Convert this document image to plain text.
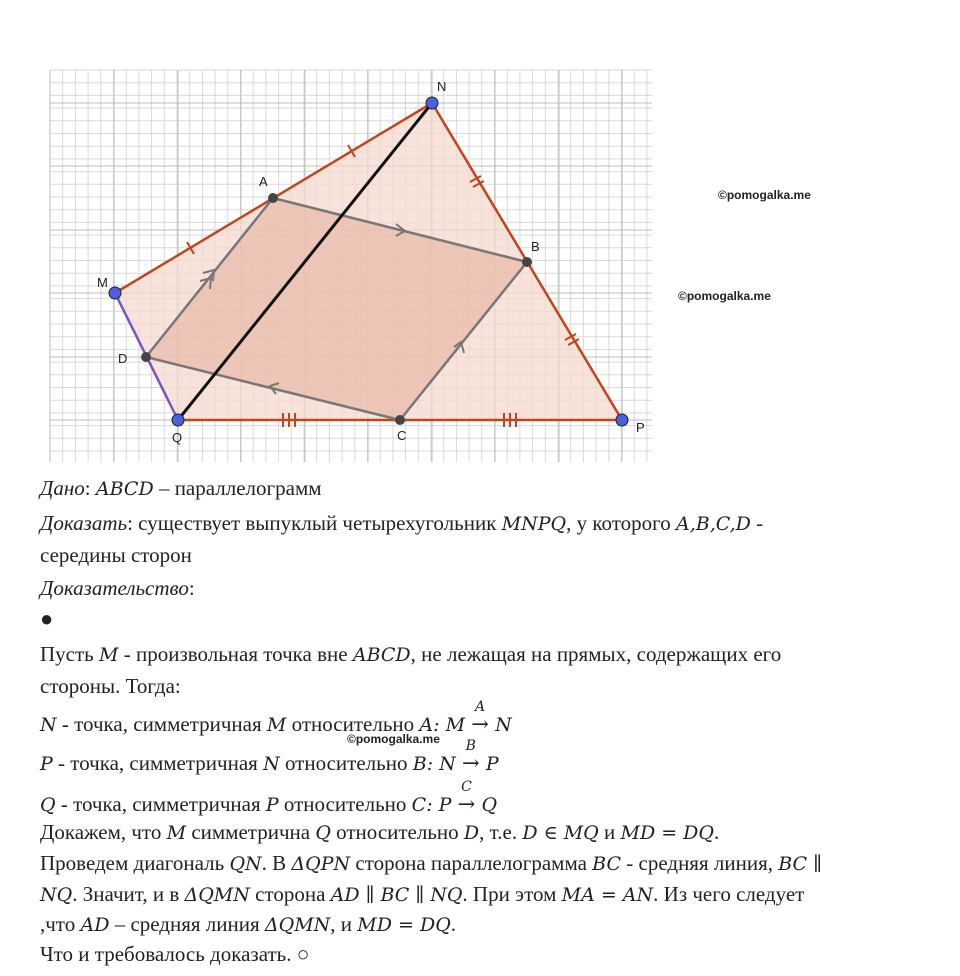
N
A
B
M
D
Q	C
P
©pomogalka.me
©pomogalka.me
Дано: ABCD – параллелограмм
Доказать: существует выпуклый четырехугольник MNPQ, у которого A,B,C,D -
середины сторон
Доказательство:
●
Пусть M - произвольная точка вне ABCD, не лежащая на прямых, содержащих его
стороны. Тогда:
N - точка, симметричная M относительно A: M
A
→ N
©pomogalka.me
P - точка, симметричная N относительно B: N
B
→ P
Q - точка, симметричная P относительно C: P
C
→ Q
Докажем, что M симметрична Q относительно D, т.е. D ∈ MQ и MD = DQ.
Проведем диагональ QN. В ΔQPN сторона параллелограмма BC - средняя линия, BC ∥
NQ. Значит, и в ΔQMN сторона AD ∥ BC ∥ NQ. При этом MA = AN. Из чего следует
,что AD – средняя линия ΔQMN, и MD = DQ.
Что и требовалось доказать. ○
